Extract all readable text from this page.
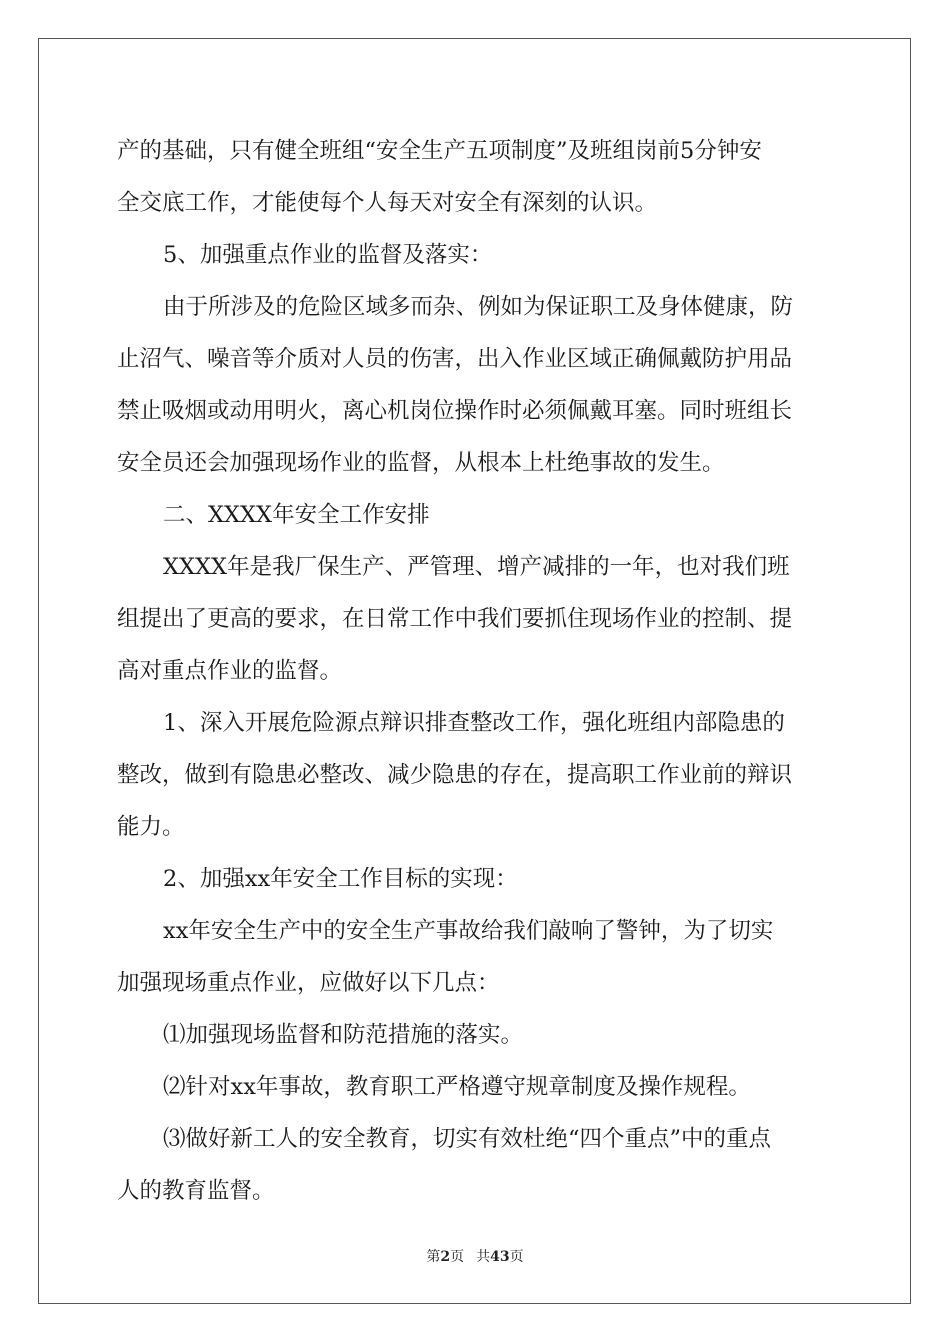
产的基础，只有健全班组“安全生产五项制度”及班组岗前5分钟安
全交底工作，才能使每个人每天对安全有深刻的认识。
5、加强重点作业的监督及落实：
由于所涉及的危险区域多而杂、例如为保证职工及身体健康，防
止沼气、噪音等介质对人员的伤害，出入作业区域正确佩戴防护用品
禁止吸烟或动用明火，离心机岗位操作时必须佩戴耳塞。同时班组长
安全员还会加强现场作业的监督，从根本上杜绝事故的发生。
二、XXXX年安全工作安排
XXXX年是我厂保生产、严管理、增产减排的一年，也对我们班
组提出了更高的要求，在日常工作中我们要抓住现场作业的控制、提
高对重点作业的监督。
1、深入开展危险源点辩识排查整改工作，强化班组内部隐患的
整改，做到有隐患必整改、减少隐患的存在，提高职工作业前的辩识
能力。
2、加强xx年安全工作目标的实现：
xx年安全生产中的安全生产事故给我们敲响了警钟，为了切实
加强现场重点作业，应做好以下几点：
⑴加强现场监督和防范措施的落实。
⑵针对xx年事故，教育职工严格遵守规章制度及操作规程。
⑶做好新工人的安全教育，切实有效杜绝“四个重点”中的重点
人的教育监督。
第2页 共43页
